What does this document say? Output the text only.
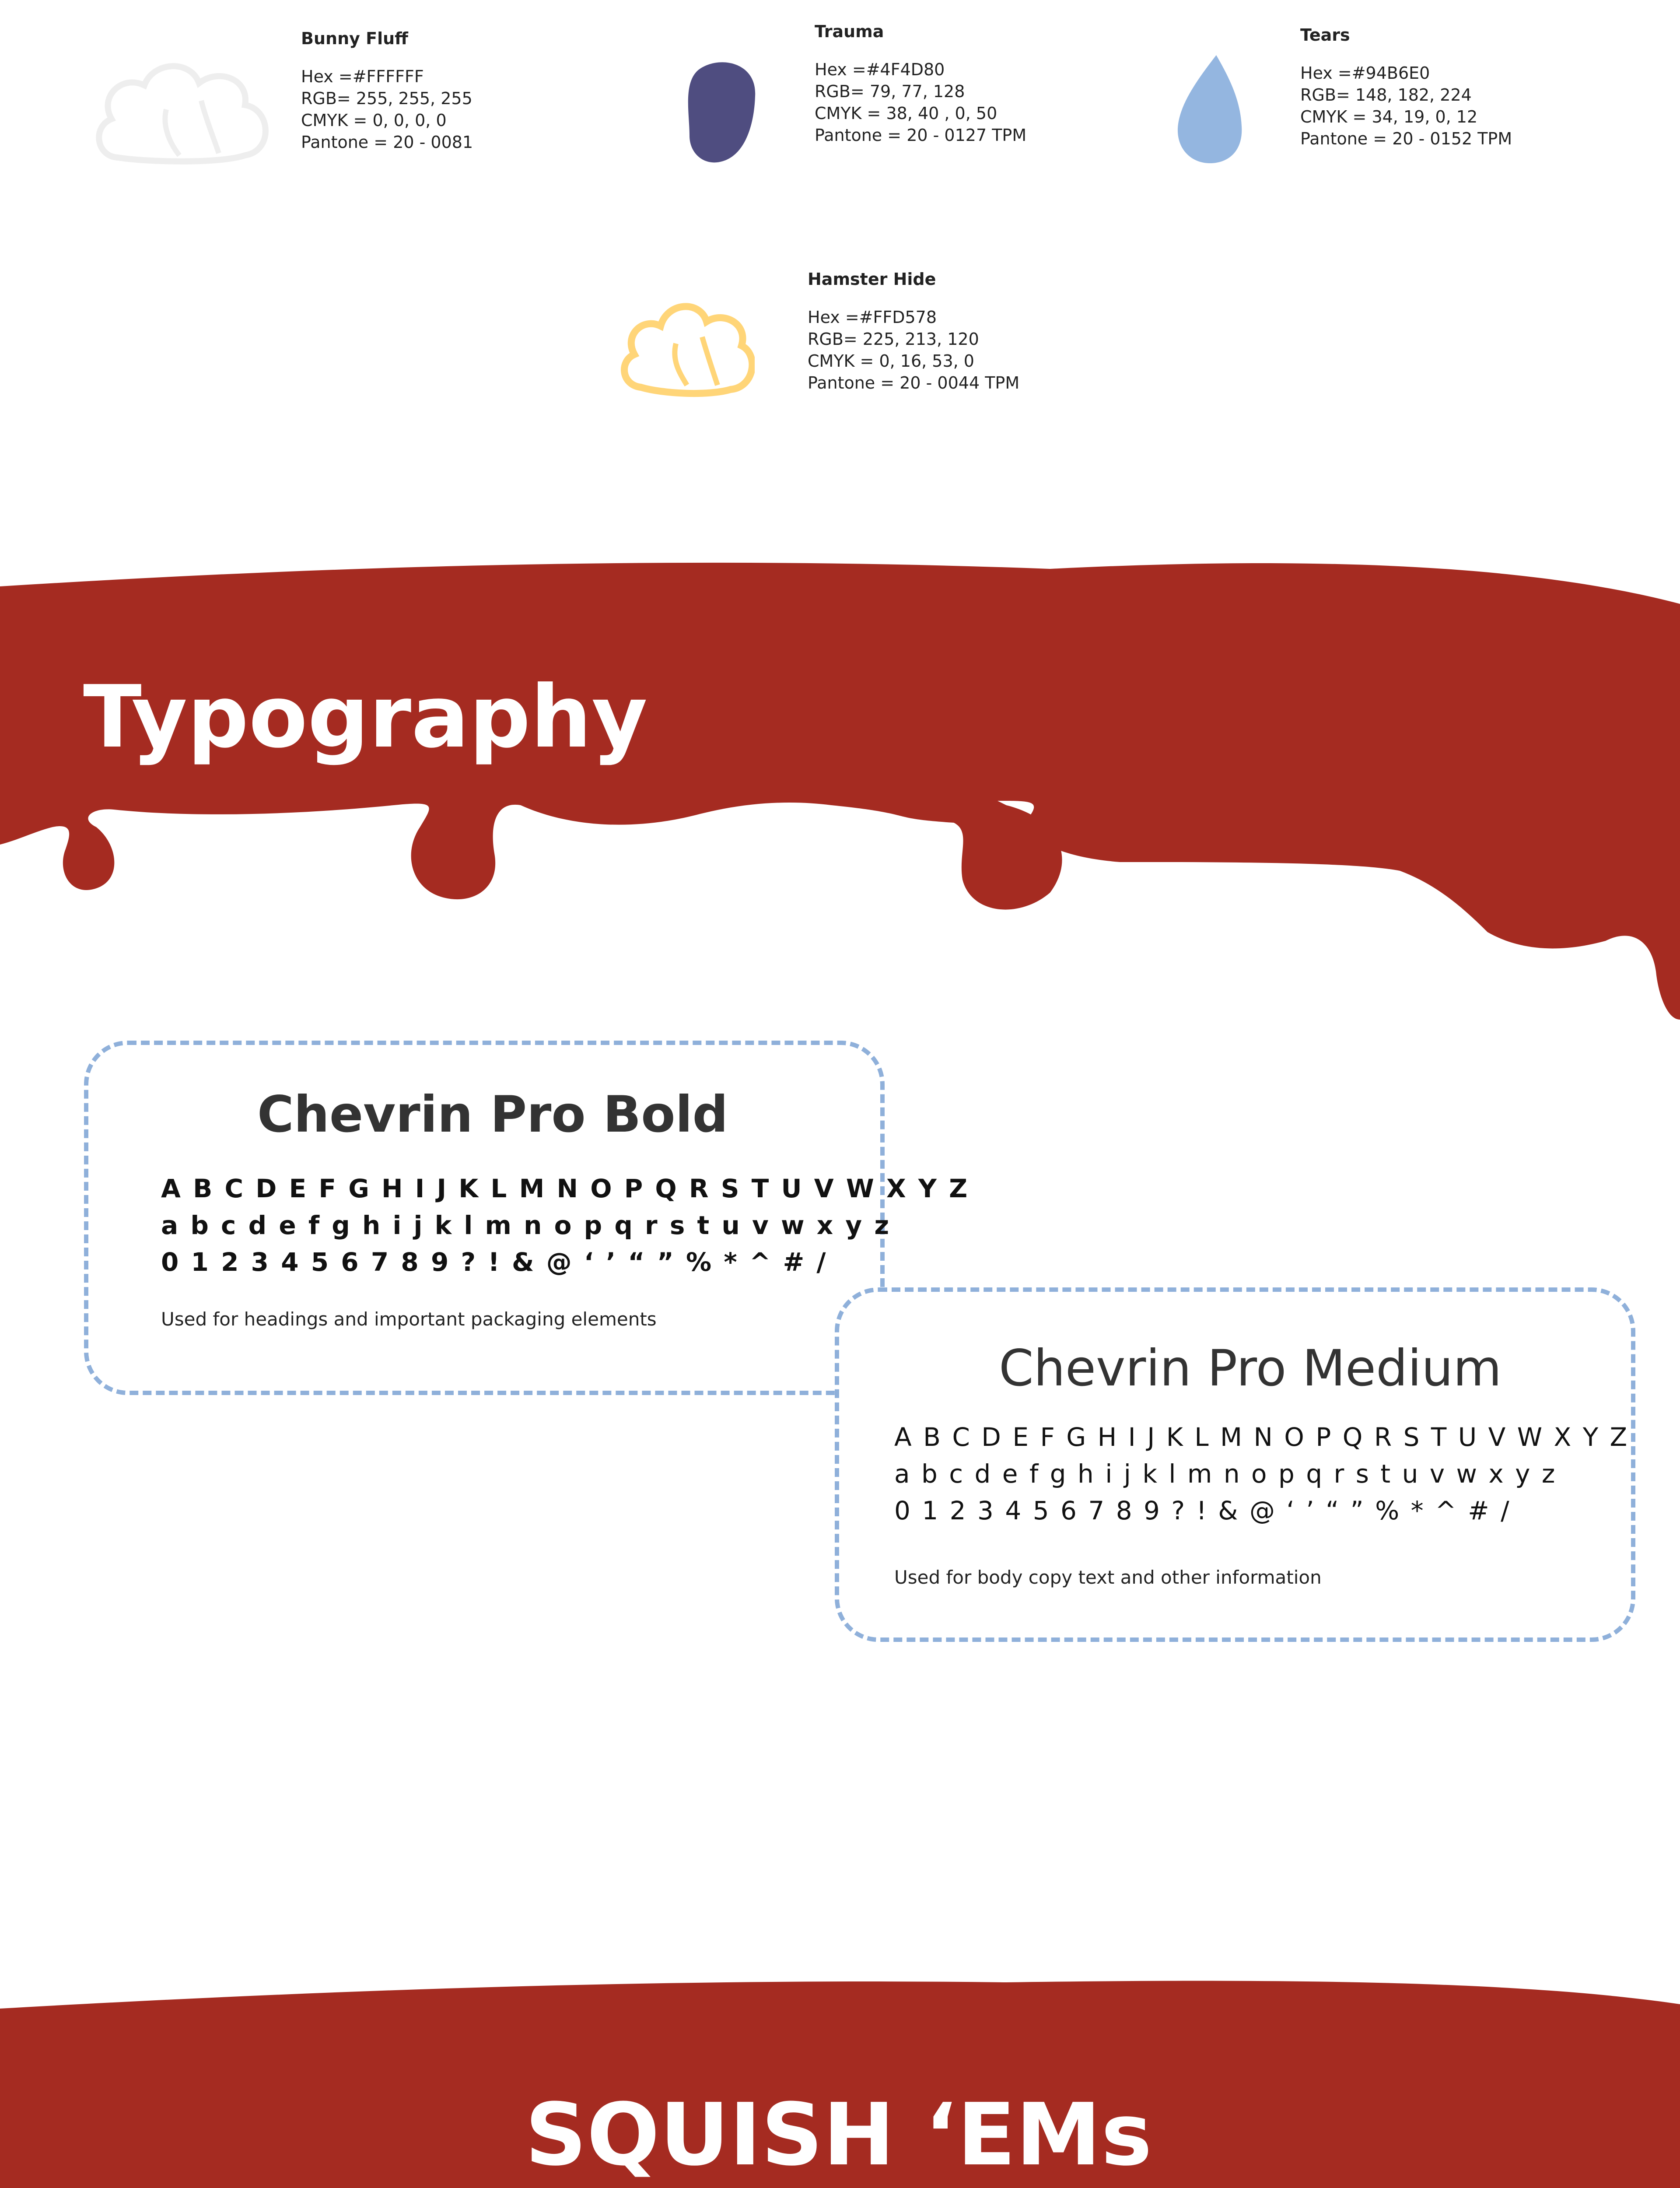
Bunny Fluff
Hex =#FFFFFF
RGB= 255, 255, 255
CMYK = 0, 0, 0, 0
Pantone = 20 - 0081
Trauma
Hex =#4F4D80
RGB= 79, 77, 128
CMYK = 38, 40 , 0, 50
Pantone = 20 - 0127 TPM
Tears
Hex =#94B6E0
RGB= 148, 182, 224
CMYK = 34, 19, 0, 12
Pantone = 20 - 0152 TPM
Hamster Hide
Hex =#FFD578
RGB= 225, 213, 120
CMYK = 0, 16, 53, 0
Pantone = 20 - 0044 TPM
Typography
Chevrin Pro Bold
A B C D E F G H I J K L M N O P Q R S T U V W X Y Z
a b c d e f g h i j k l m n o p q r s t u v w x y z
0 1 2 3 4 5 6 7 8 9 ? ! & @ ‘ ’ “ ” % * ^ # /
Used for headings and important packaging elements
Chevrin Pro Medium
A B C D E F G H I J K L M N O P Q R S T U V W X Y Z
a b c d e f g h i j k l m n o p q r s t u v w x y z
0 1 2 3 4 5 6 7 8 9 ? ! & @ ‘ ’ “ ” % * ^ # /
Used for body copy text and other information
SQUISH ‘EMs
